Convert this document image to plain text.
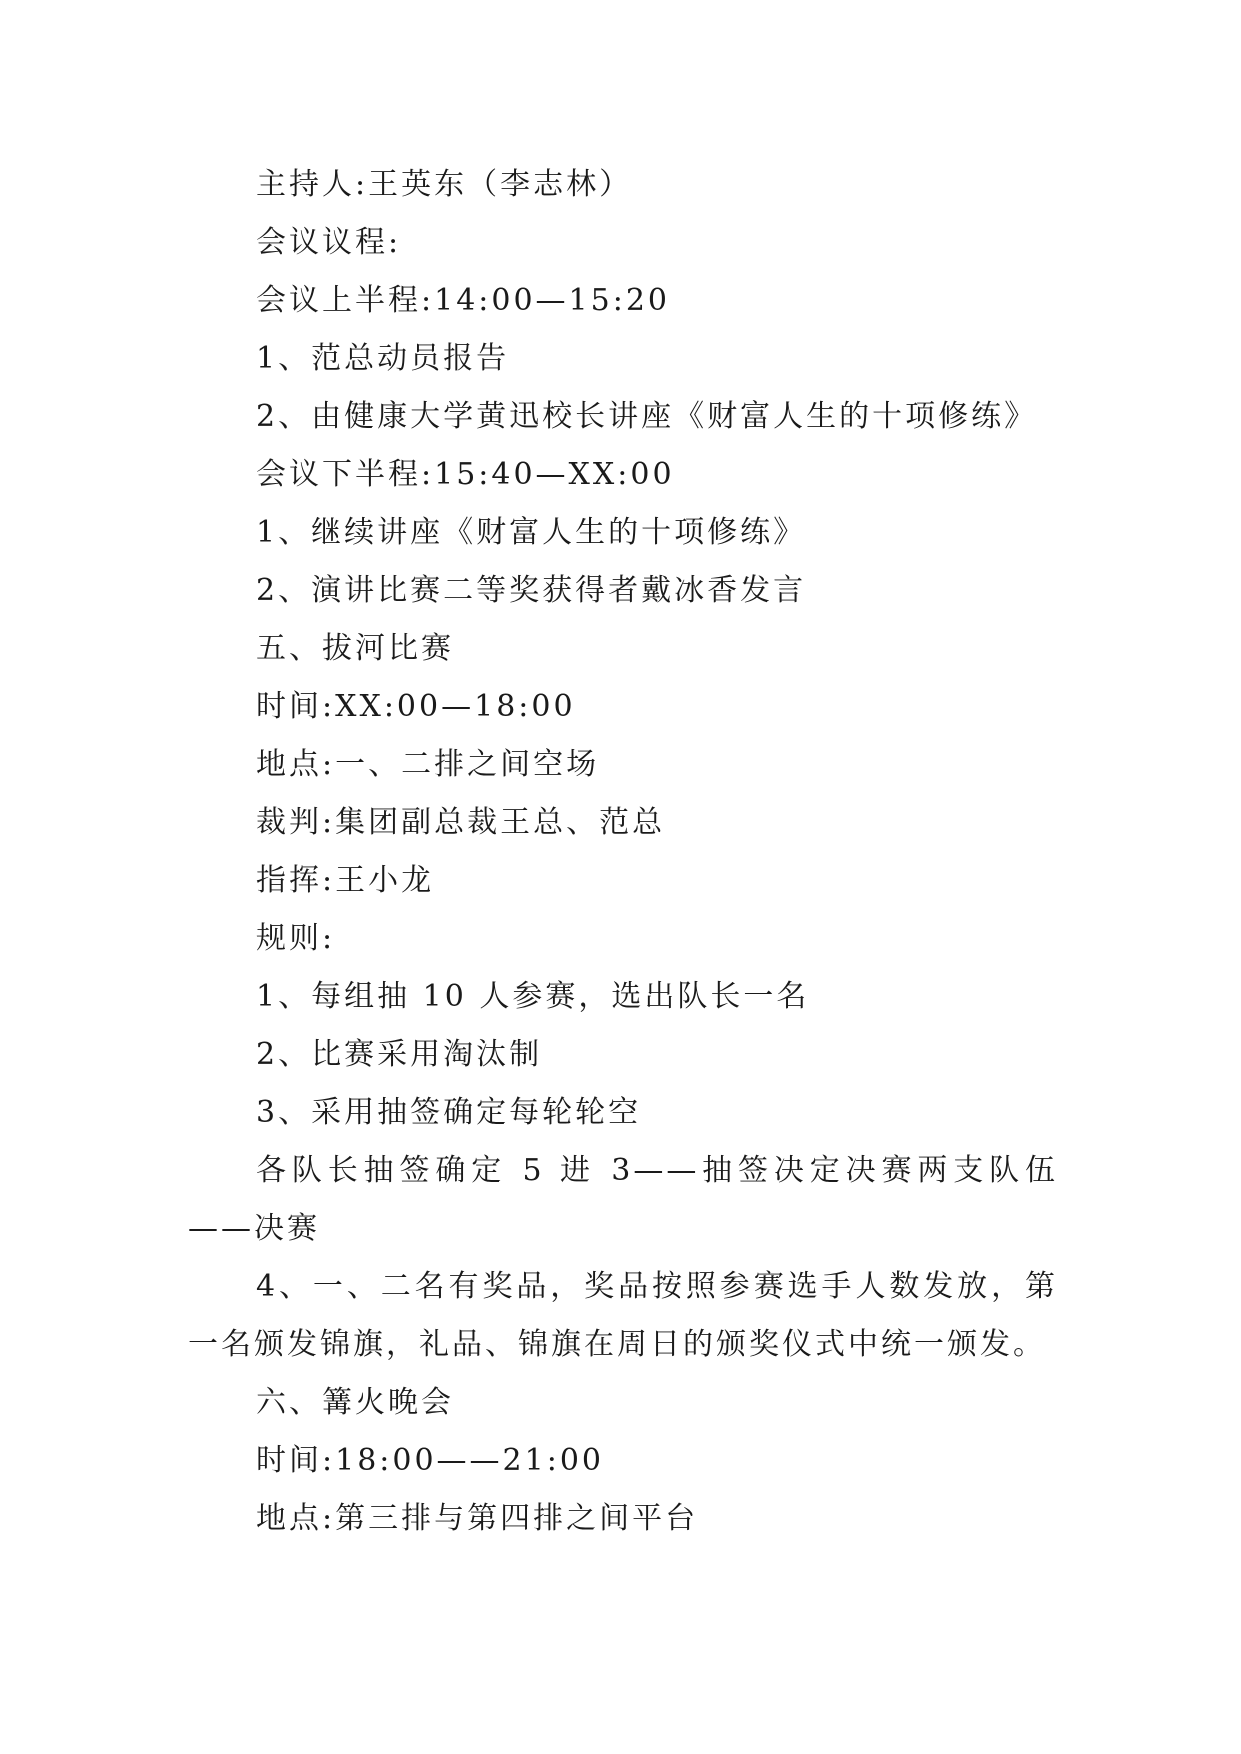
主持人:王英东（李志林）

会议议程:

会议上半程:14:00—15:20

1、范总动员报告

2、由健康大学黄迅校长讲座《财富人生的十项修练》

会议下半程:15:40—XX:00

1、继续讲座《财富人生的十项修练》

2、演讲比赛二等奖获得者戴冰香发言

五、拔河比赛

时间:XX:00—18:00

地点:一、二排之间空场

裁判:集团副总裁王总、范总

指挥:王小龙

规则:

1、每组抽 10 人参赛，选出队长一名

2、比赛采用淘汰制

3、采用抽签确定每轮轮空

各队长抽签确定 5 进 3——抽签决定决赛两支队伍——决赛

4、一、二名有奖品，奖品按照参赛选手人数发放，第一名颁发锦旗，礼品、锦旗在周日的颁奖仪式中统一颁发。

六、篝火晚会

时间:18:00——21:00

地点:第三排与第四排之间平台
